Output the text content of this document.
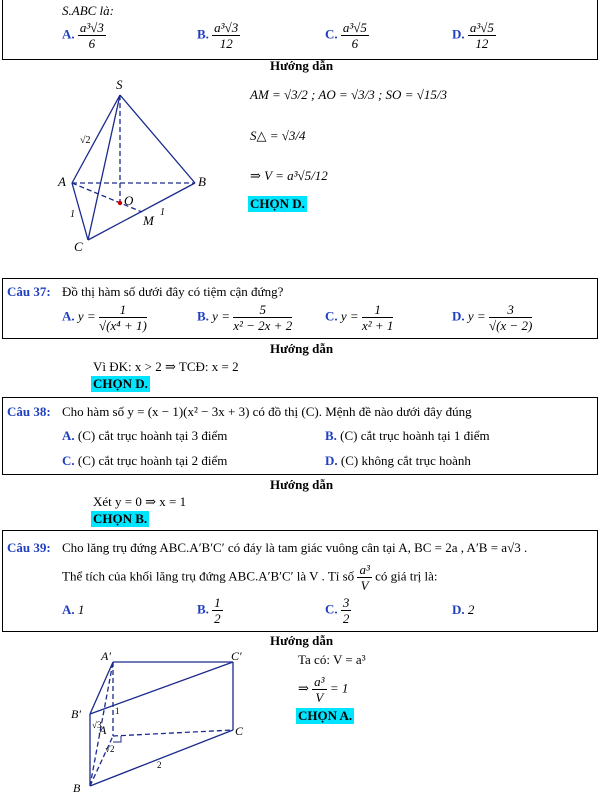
S.ABC là:
A. $\frac{\text{a³√3}}{6}$	B. $\frac{\text{a³√3}}{12}$	C. $\frac{\text{a³√5}}{6}$	D. $\frac{\text{a³√5}}{12}$
Hướng dẫn
S
A	B
C
O
M
√2
1	1
AM = √3/2 ; AO = √3/3 ; SO = √15/3
S△ = √3/4
⇒ V = a³√5/12
CHỌN D.
Câu 37: Đồ thị hàm số dưới đây có tiệm cận đứng?
A. $y = \frac{1}{\text{√(x⁴ + 1)}}$	B. $y = \frac{5}{\text{x² − 2x + 2}}$	C. $y = \frac{1}{\text{x² + 1}}$	D. $y = \frac{3}{√(x - 2)}$
Hướng dẫn
Vì ĐK: x > 2 ⇒ TCĐ: x = 2
CHỌN D.
Câu 38: Cho hàm số y = (x − 1)(x² − 3x + 3) có đồ thị (C). Mệnh đề nào dưới đây đúng
A. (C) cắt trục hoành tại 3 điểm	B. (C) cắt trục hoành tại 1 điểm
C. (C) cắt trục hoành tại 2 điểm	D. (C) không cắt trục hoành
Hướng dẫn
Xét y = 0 ⇒ x = 1
CHỌN B.
Câu 39: Cho lăng trụ đứng ABC.A′B′C′ có đáy là tam giác vuông cân tại A, BC = 2a , A′B = a√3 .
Thể tích của khối lăng trụ đứng ABC.A′B′C′ là V . Tỉ số $\frac{\text{a³}}{V}$ có giá trị là:
A. 1	B. $\frac{1}{2}$	C. $\frac{3}{2}$	D. 2
Hướng dẫn
A′
B′
C′
A
B
C
1
√3
√2
2
Ta có: V = a³
⇒ $\frac{\text{a³}}{V} = 1$
CHỌN A.
